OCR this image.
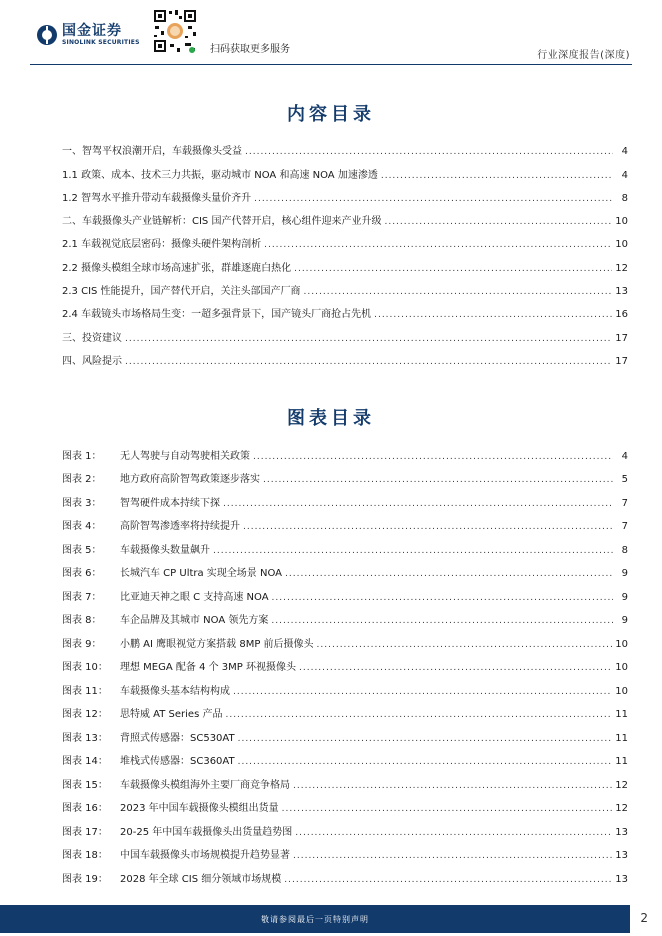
国金证券
SINOLINK SECURITIES
扫码获取更多服务
行业深度报告(深度)
内容目录
一、智驾平权浪潮开启，车载摄像头受益 .....	4
1.1 政策、成本、技术三力共振，驱动城市 NOA 和高速 NOA 加速渗透 .....	4
1.2 智驾水平推升带动车载摄像头量价齐升 .....	8
二、车载摄像头产业链解析：CIS 国产代替开启，核心组件迎来产业升级 .....	10
2.1 车载视觉底层密码：摄像头硬件架构剖析 .....	10
2.2 摄像头模组全球市场高速扩张，群雄逐鹿白热化 .....	12
2.3 CIS 性能提升，国产替代开启，关注头部国产厂商 .....	13
2.4 车载镜头市场格局生变：一超多强背景下，国产镜头厂商抢占先机 .....	16
三、投资建议 .....	17
四、风险提示 .....	17
图表目录
图表 1： 无人驾驶与自动驾驶相关政策 .....	4
图表 2： 地方政府高阶智驾政策逐步落实 .....	5
图表 3： 智驾硬件成本持续下探 .....	7
图表 4： 高阶智驾渗透率将持续提升 .....	7
图表 5： 车载摄像头数量飙升 .....	8
图表 6： 长城汽车 CP Ultra 实现全场景 NOA .....	9
图表 7： 比亚迪天神之眼 C 支持高速 NOA .....	9
图表 8： 车企品牌及其城市 NOA 领先方案 .....	9
图表 9： 小鹏 AI 鹰眼视觉方案搭载 8MP 前后摄像头 .....	10
图表 10： 理想 MEGA 配备 4 个 3MP 环视摄像头 .....	10
图表 11： 车载摄像头基本结构构成 .....	10
图表 12： 思特威 AT Series 产品 .....	11
图表 13： 背照式传感器：SC530AT .....	11
图表 14： 堆栈式传感器：SC360AT .....	11
图表 15： 车载摄像头模组海外主要厂商竞争格局 .....	12
图表 16： 2023 年中国车载摄像头模组出货量 .....	12
图表 17： 20-25 年中国车载摄像头出货量趋势图 .....	13
图表 18： 中国车载摄像头市场规模提升趋势显著 .....	13
图表 19： 2028 年全球 CIS 细分领域市场规模 .....	13
敬请参阅最后一页特别声明	2
